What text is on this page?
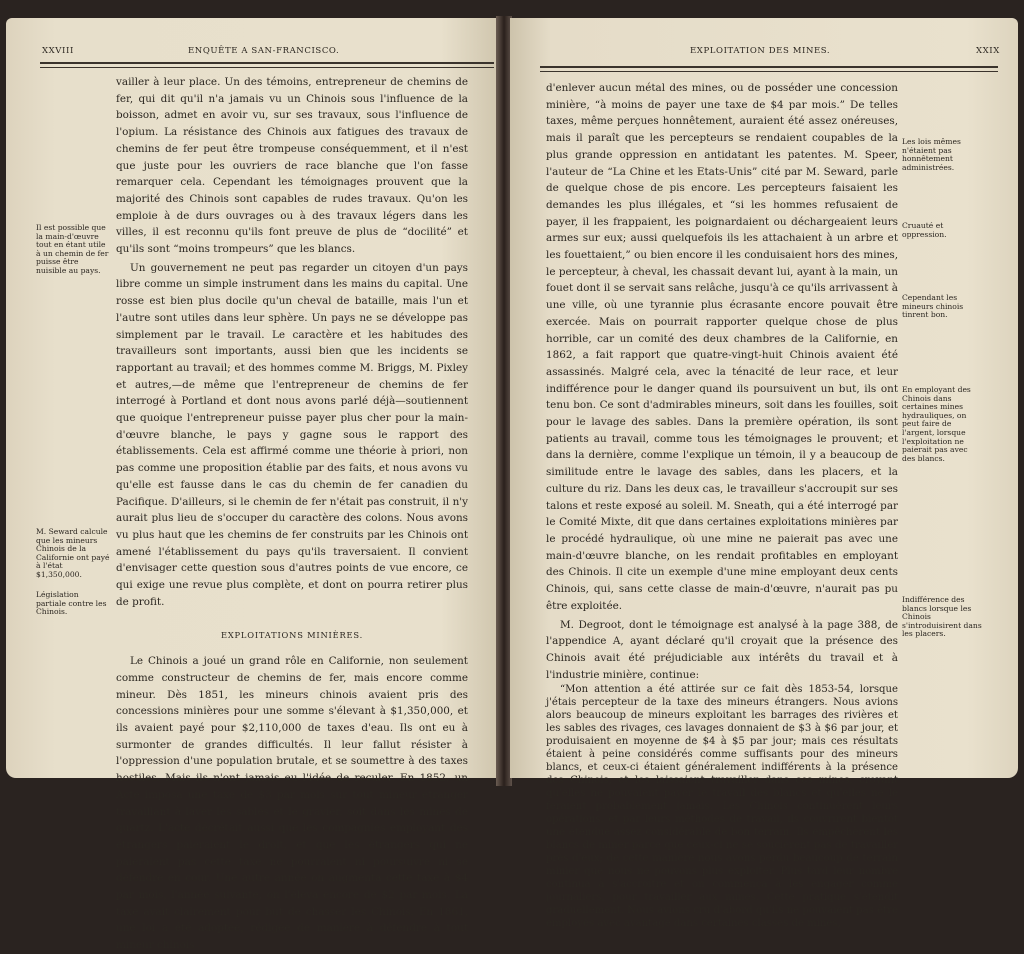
XXVIII	ENQUÊTE A SAN-FRANCISCO.

vailler à leur place. Un des témoins, entrepreneur de chemins de fer, qui dit qu'il n'a jamais vu un Chinois sous l'influence de la boisson, admet en avoir vu, sur ses travaux, sous l'influence de l'opium. La résistance des Chinois aux fatigues des travaux de chemins de fer peut être trompeuse conséquemment, et il n'est que juste pour les ouvriers de race blanche que l'on fasse remarquer cela. Cependant les témoignages prouvent que la majorité des Chinois sont capables de rudes travaux. Qu'on les emploie à de durs ouvrages ou à des travaux légers dans les villes, il est reconnu qu'ils font preuve de plus de “docilité” et qu'ils sont “moins trompeurs” que les blancs.

Un gouvernement ne peut pas regarder un citoyen d'un pays libre comme un simple instrument dans les mains du capital. Une rosse est bien plus docile qu'un cheval de bataille, mais l'un et l'autre sont utiles dans leur sphère. Un pays ne se développe pas simplement par le travail. Le caractère et les habitudes des travailleurs sont importants, aussi bien que les incidents se rapportant au travail; et des hommes comme M. Briggs, M. Pixley et autres,—de même que l'entrepreneur de chemins de fer interrogé à Portland et dont nous avons parlé déjà—soutiennent que quoique l'entrepreneur puisse payer plus cher pour la main-d'œuvre blanche, le pays y gagne sous le rapport des établissements. Cela est affirmé comme une théorie à priori, non pas comme une proposition établie par des faits, et nous avons vu qu'elle est fausse dans le cas du chemin de fer canadien du Pacifique. D'ailleurs, si le chemin de fer n'était pas construit, il n'y aurait plus lieu de s'occuper du caractère des colons. Nous avons vu plus haut que les chemins de fer construits par les Chinois ont amené l'établissement du pays qu'ils traversaient. Il convient d'envisager cette question sous d'autres points de vue encore, ce qui exige une revue plus complète, et dont on pourra retirer plus de profit.

EXPLOITATIONS MINIÈRES.

Le Chinois a joué un grand rôle en Californie, non seulement comme constructeur de chemins de fer, mais encore comme mineur. Dès 1851, les mineurs chinois avaient pris des concessions minières pour une somme s'élevant à $1,350,000, et ils avaient payé pour $2,110,000 de taxes d'eau. Ils ont eu à surmonter de grandes difficultés. Il leur fallut résister à l'oppression d'une population brutale, et se soumettre à des taxes hostiles. Mais ils n'ont jamais eu l'idée de reculer. En 1852, un Acte imposa une taxe de $3 par mois sur tout mineur étranger travaillant à laver les sables et le gravier, soit dans les mines de quartz. L'acte décrétait aussi que les compagnies employant des étrangers paieraient le droit, et que les étrangers qui ne paieraient pas cette taxe ne pourraient ni poursuivre ni se défendre en cour. Une autre année on augmenta cette taxe à $4 par mois, l'année suivante, on l'éleva encore de $2 par mois. La taxe avait clairement pour but de chasser les Chinois. En 1861, une loi a été adoptée, rédigée de manière à défendre à tout mineur chinois

Il est possible que la main-d'œuvre tout en étant utile à un chemin de fer puisse être nuisible au pays.
M. Seward calcule que les mineurs Chinois de la Californie ont payé à l'état $1,350,000.
Législation partiale contre les Chinois.
EXPLOITATION DES MINES.	XXIX

d'enlever aucun métal des mines, ou de posséder une concession minière, “à moins de payer une taxe de $4 par mois.” De telles taxes, même perçues honnêtement, auraient été assez onéreuses, mais il paraît que les percepteurs se rendaient coupables de la plus grande oppression en antidatant les patentes. M. Speer, l'auteur de “La Chine et les Etats-Unis” cité par M. Seward, parle de quelque chose de pis encore. Les percepteurs faisaient les demandes les plus illégales, et “si les hommes refusaient de payer, il les frappaient, les poignardaient ou déchargeaient leurs armes sur eux; aussi quelquefois ils les attachaient à un arbre et les fouettaient,” ou bien encore il les conduisaient hors des mines, le percepteur, à cheval, les chassait devant lui, ayant à la main, un fouet dont il se servait sans relâche, jusqu'à ce qu'ils arrivassent à une ville, où une tyrannie plus écrasante encore pouvait être exercée. Mais on pourrait rapporter quelque chose de plus horrible, car un comité des deux chambres de la Californie, en 1862, a fait rapport que quatre-vingt-huit Chinois avaient été assassinés. Malgré cela, avec la ténacité de leur race, et leur indifférence pour le danger quand ils poursuivent un but, ils ont tenu bon. Ce sont d'admirables mineurs, soit dans les fouilles, soit pour le lavage des sables. Dans la première opération, ils sont patients au travail, comme tous les témoignages le prouvent; et dans la dernière, comme l'explique un témoin, il y a beaucoup de similitude entre le lavage des sables, dans les placers, et la culture du riz. Dans les deux cas, le travailleur s'accroupit sur ses talons et reste exposé au soleil. M. Sneath, qui a été interrogé par le Comité Mixte, dit que dans certaines exploitations minières par le procédé hydraulique, où une mine ne paierait pas avec une main-d'œuvre blanche, on les rendait profitables en employant des Chinois. Il cite un exemple d'une mine employant deux cents Chinois, qui, sans cette classe de main-d'œuvre, n'aurait pas pu être exploitée.

M. Degroot, dont le témoignage est analysé à la page 388, de l'appendice A, ayant déclaré qu'il croyait que la présence des Chinois avait été préjudiciable aux intérêts du travail et à l'industrie minière, continue:

“Mon attention a été attirée sur ce fait dès 1853-54, lorsque j'étais percepteur de la taxe des mineurs étrangers. Nous avions alors beaucoup de mineurs exploitant les barrages des rivières et les sables des rivages, ces lavages donnaient de $3 à $6 par jour, et produisaient en moyenne de $4 à $5 par jour; mais ces résultats étaient à peine considérés comme suffisants pour des mineurs blancs, et ceux-ci étaient généralement indifférents à la présence des Chinois, et les laissaient travailler dans ces mines, croyant qu'elles ne pouvaient payer le travail des blancs et qu'elles ne le feraient probablement jamais. Les Chinois continuèrent leurs opérations, et par leurs méthodes de travail, ils couvrirent bientôt une étendue assez considérable de bon terrain. Ils empêchèrent les blancs de miner parce que ceux-ci ne se soucièrent pas de travailler près d'eux; de cette manière nous avons perdu beaucoup de terrain minier que nous ne pouvons plus exploiter. Plus tard leur nombre continua à s'accroître et on commença à les engager comme journaliers, pour travailler aux mines. Cette pratique s'étendit graduellement. Nous avions cru d'abord qu'ils ne pouvaient pas être employés avec avantage dans certaines classes de mines,

Les lois mêmes n'étaient pas honnêtement administrées.
Cruauté et oppression.
Cependant les mineurs chinois tinrent bon.
En employant des Chinois dans certaines mines hydrauliques, on peut faire de l'argent, lorsque l'exploitation ne paierait pas avec des blancs.
Indifférence des blancs lorsque les Chinois s'introduisirent dans les placers.
